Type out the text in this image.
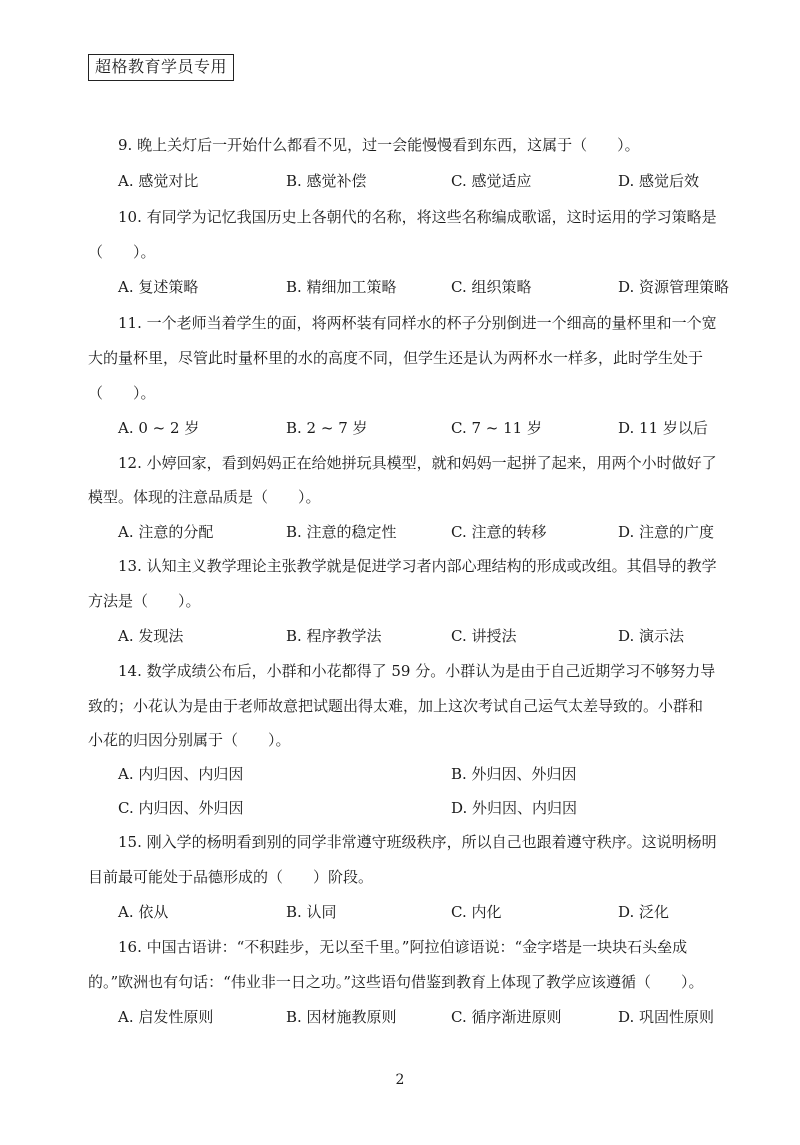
超格教育学员专用
9. 晚上关灯后一开始什么都看不见，过一会能慢慢看到东西，这属于（　　）。
A. 感觉对比	B. 感觉补偿	C. 感觉适应	D. 感觉后效
10. 有同学为记忆我国历史上各朝代的名称，将这些名称编成歌谣，这时运用的学习策略是
（　　）。
A. 复述策略	B. 精细加工策略	C. 组织策略	D. 资源管理策略
11. 一个老师当着学生的面，将两杯装有同样水的杯子分别倒进一个细高的量杯里和一个宽
大的量杯里，尽管此时量杯里的水的高度不同，但学生还是认为两杯水一样多，此时学生处于
（　　）。
A. 0 ~ 2 岁	B. 2 ~ 7 岁	C. 7 ~ 11 岁	D. 11 岁以后
12. 小婷回家，看到妈妈正在给她拼玩具模型，就和妈妈一起拼了起来，用两个小时做好了
模型。体现的注意品质是（　　）。
A. 注意的分配	B. 注意的稳定性	C. 注意的转移	D. 注意的广度
13. 认知主义教学理论主张教学就是促进学习者内部心理结构的形成或改组。其倡导的教学
方法是（　　）。
A. 发现法	B. 程序教学法	C. 讲授法	D. 演示法
14. 数学成绩公布后，小群和小花都得了 59 分。小群认为是由于自己近期学习不够努力导
致的；小花认为是由于老师故意把试题出得太难，加上这次考试自己运气太差导致的。小群和
小花的归因分别属于（　　）。
A. 内归因、内归因	B. 外归因、外归因
C. 内归因、外归因	D. 外归因、内归因
15. 刚入学的杨明看到别的同学非常遵守班级秩序，所以自己也跟着遵守秩序。这说明杨明
目前最可能处于品德形成的（　　）阶段。
A. 依从	B. 认同	C. 内化	D. 泛化
16. 中国古语讲：“不积跬步，无以至千里。”阿拉伯谚语说：“金字塔是一块块石头垒成
的。”欧洲也有句话：“伟业非一日之功。”这些语句借鉴到教育上体现了教学应该遵循（　　）。
A. 启发性原则	B. 因材施教原则	C. 循序渐进原则	D. 巩固性原则
2
